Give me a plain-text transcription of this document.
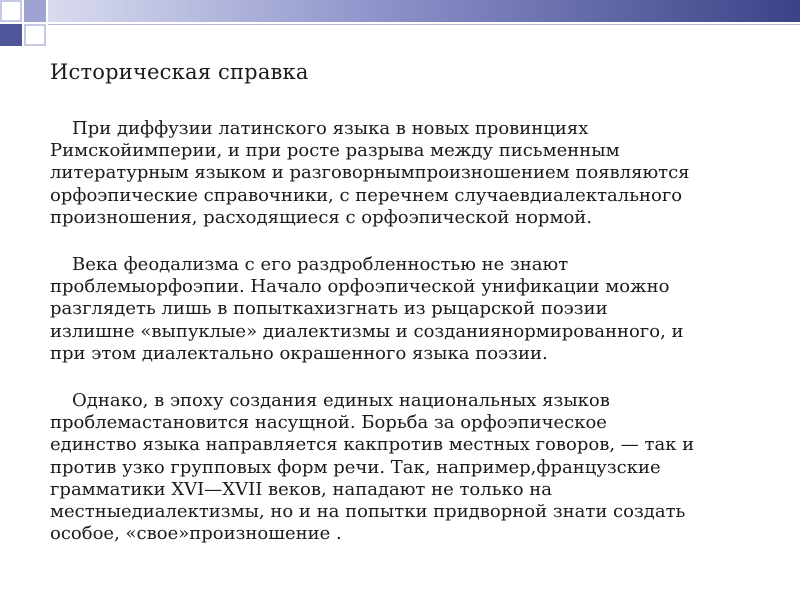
Историческая справка

При диффузии латинского языка в новых провинциях
Римскойимперии, и при росте разрыва между письменным
литературным языком и разговорнымпроизношением появляются
орфоэпические справочники, с перечнем случаевдиалектального
произношения, расходящиеся с орфоэпической нормой.

Века феодализма с его раздробленностью не знают
проблемыорфоэпии. Начало орфоэпической унификации можно
разглядеть лишь в попыткахизгнать из рыцарской поэзии
излишне «выпуклые» диалектизмы и созданиянормированного, и
при этом диалектально окрашенного языка поэзии.

Однако, в эпоху создания единых национальных языков
проблемастановится насущной. Борьба за орфоэпическое
единство языка направляется какпротив местных говоров, — так и
против узко групповых форм речи. Так, например,французские
грамматики XVI—XVII веков, нападают не только на
местныедиалектизмы, но и на попытки придворной знати создать
особое, «свое»произношение .
